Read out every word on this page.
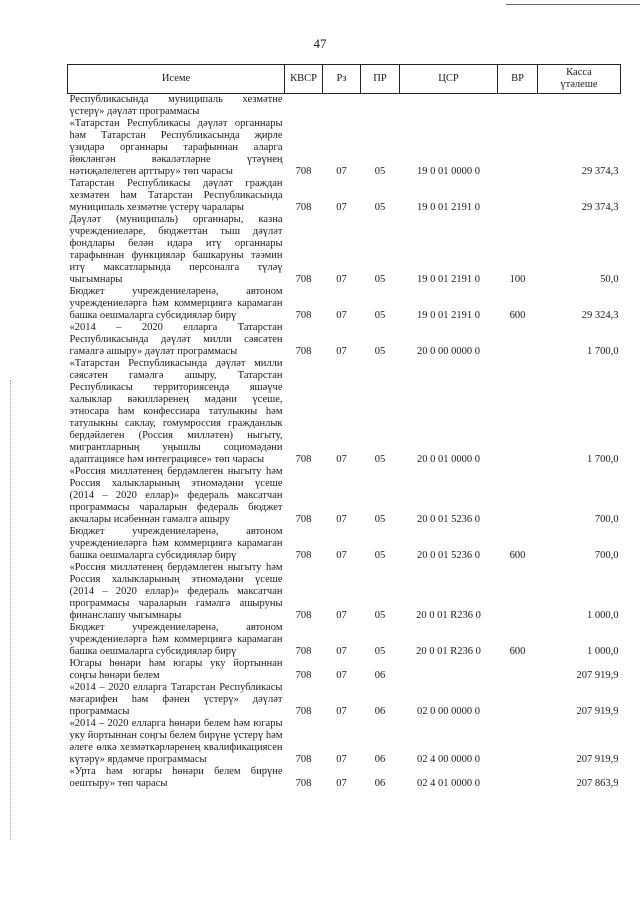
47
Исеме	КВСР	Рз	ПР	ЦСР	ВР	Касса
үтәлеше

Республикасында муниципаль хезмәтне үстерү» дәүләт программасы						
«Татарстан Республикасы дәүләт органнары һәм Татарстан Республикасында җирле үзидарә органнары тарафыннан аларга йөкләнгән вәкаләтләрне үтәүнең нәтиҗәлелеген арттыру» төп чарасы	708	07	05	19 0 01 0000 0		29 374,3
Татарстан Республикасы дәүләт граждан хезмәтен һәм Татарстан Республикасында муниципаль хезмәтне үстерү чаралары	708	07	05	19 0 01 2191 0		29 374,3
Дәүләт (муниципаль) органнары, казна учреждениеләре, бюджеттан тыш дәүләт фондлары белән идарә итү органнары тарафыннан функцияләр башкаруны тәэмин итү максатларында персоналга түләү чыгымнары	708	07	05	19 0 01 2191 0	100	50,0
Бюджет учреждениеләренә, автоном учреждениеләргә һәм коммерциягә карамаган башка оешмаларга субсидияләр бирү	708	07	05	19 0 01 2191 0	600	29 324,3
«2014 – 2020 елларга Татарстан Республикасында дәүләт милли сәясәтен гамәлгә ашыру» дәүләт программасы	708	07	05	20 0 00 0000 0		1 700,0
«Татарстан Республикасында дәүләт милли сәясәтен гамәлгә ашыру, Татарстан Республикасы территориясендә яшәүче халыклар вәкилләренең мәдәни үсеше, этносара һәм конфессиара татулыкны һәм татулыкны саклау, гомумроссия гражданлык бердәйлеген (Россия милләтен) ныгыту, мигрантларның уңышлы социомәдәни адаптациясе һәм интеграциясе» төп чарасы	708	07	05	20 0 01 0000 0		1 700,0
«Россия милләтенең бердәмлеген ныгыту һәм Россия халыкларының этномәдәни үсеше (2014 – 2020 еллар)» федераль максатчан программасы чараларын федераль бюджет акчалары исәбеннән гамәлгә ашыру	708	07	05	20 0 01 5236 0		700,0
Бюджет учреждениеләренә, автоном учреждениеләргә һәм коммерциягә карамаган башка оешмаларга субсидияләр бирү	708	07	05	20 0 01 5236 0	600	700,0
«Россия милләтенең бердәмлеген ныгыту һәм Россия халыкларының этномәдәни үсеше (2014 – 2020 еллар)» федераль максатчан программасы чараларын гамәлгә ашыруны финанслашу чыгымнары	708	07	05	20 0 01 R236 0		1 000,0
Бюджет учреждениеләренә, автоном учреждениеләргә һәм коммерциягә карамаган башка оешмаларга субсидияләр бирү	708	07	05	20 0 01 R236 0	600	1 000,0
Югары һөнәри һәм югары уку йортыннан соңгы һөнәри белем	708	07	06			207 919,9
«2014 – 2020 елларга Татарстан Республикасы мәгарифен һәм фәнен үстерү» дәүләт программасы	708	07	06	02 0 00 0000 0		207 919,9
«2014 – 2020 елларга һөнәри белем һәм югары уку йортыннан соңгы белем бирүне үстерү һәм әлеге өлкә хезмәткәрләренең квалификациясен күтәрү» ярдәмче программасы	708	07	06	02 4 00 0000 0		207 919,9
«Урта һәм югары һөнәри белем бирүне оештыру» төп чарасы	708	07	06	02 4 01 0000 0		207 863,9
